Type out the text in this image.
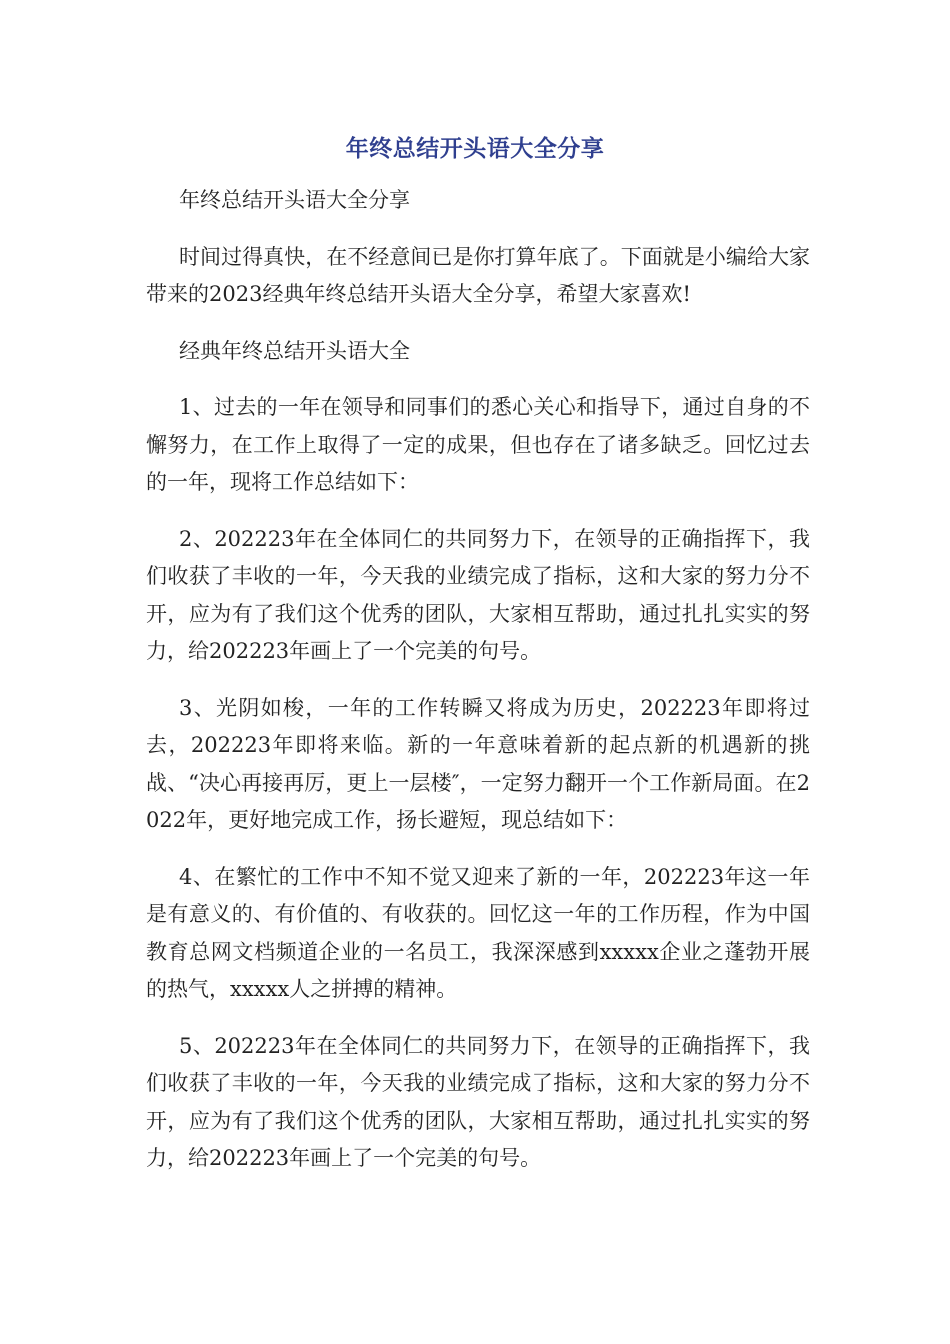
年终总结开头语大全分享

年终总结开头语大全分享

时间过得真快，在不经意间已是你打算年底了。下面就是小编给大家带来的2023经典年终总结开头语大全分享，希望大家喜欢!

经典年终总结开头语大全

1、过去的一年在领导和同事们的悉心关心和指导下，通过自身的不懈努力，在工作上取得了一定的成果，但也存在了诸多缺乏。回忆过去的一年，现将工作总结如下：

2、202223年在全体同仁的共同努力下，在领导的正确指挥下，我们收获了丰收的一年，今天我的业绩完成了指标，这和大家的努力分不开，应为有了我们这个优秀的团队，大家相互帮助，通过扎扎实实的努力，给202223年画上了一个完美的句号。

3、光阴如梭，一年的工作转瞬又将成为历史，202223年即将过去，202223年即将来临。新的一年意味着新的起点新的机遇新的挑战、“决心再接再厉，更上一层楼″，一定努力翻开一个工作新局面。在2022年，更好地完成工作，扬长避短，现总结如下：

4、在繁忙的工作中不知不觉又迎来了新的一年，202223年这一年是有意义的、有价值的、有收获的。回忆这一年的工作历程，作为中国教育总网文档频道企业的一名员工，我深深感到xxxxx企业之蓬勃开展的热气，xxxxx人之拼搏的精神。

5、202223年在全体同仁的共同努力下，在领导的正确指挥下，我们收获了丰收的一年，今天我的业绩完成了指标，这和大家的努力分不开，应为有了我们这个优秀的团队，大家相互帮助，通过扎扎实实的努力，给202223年画上了一个完美的句号。
